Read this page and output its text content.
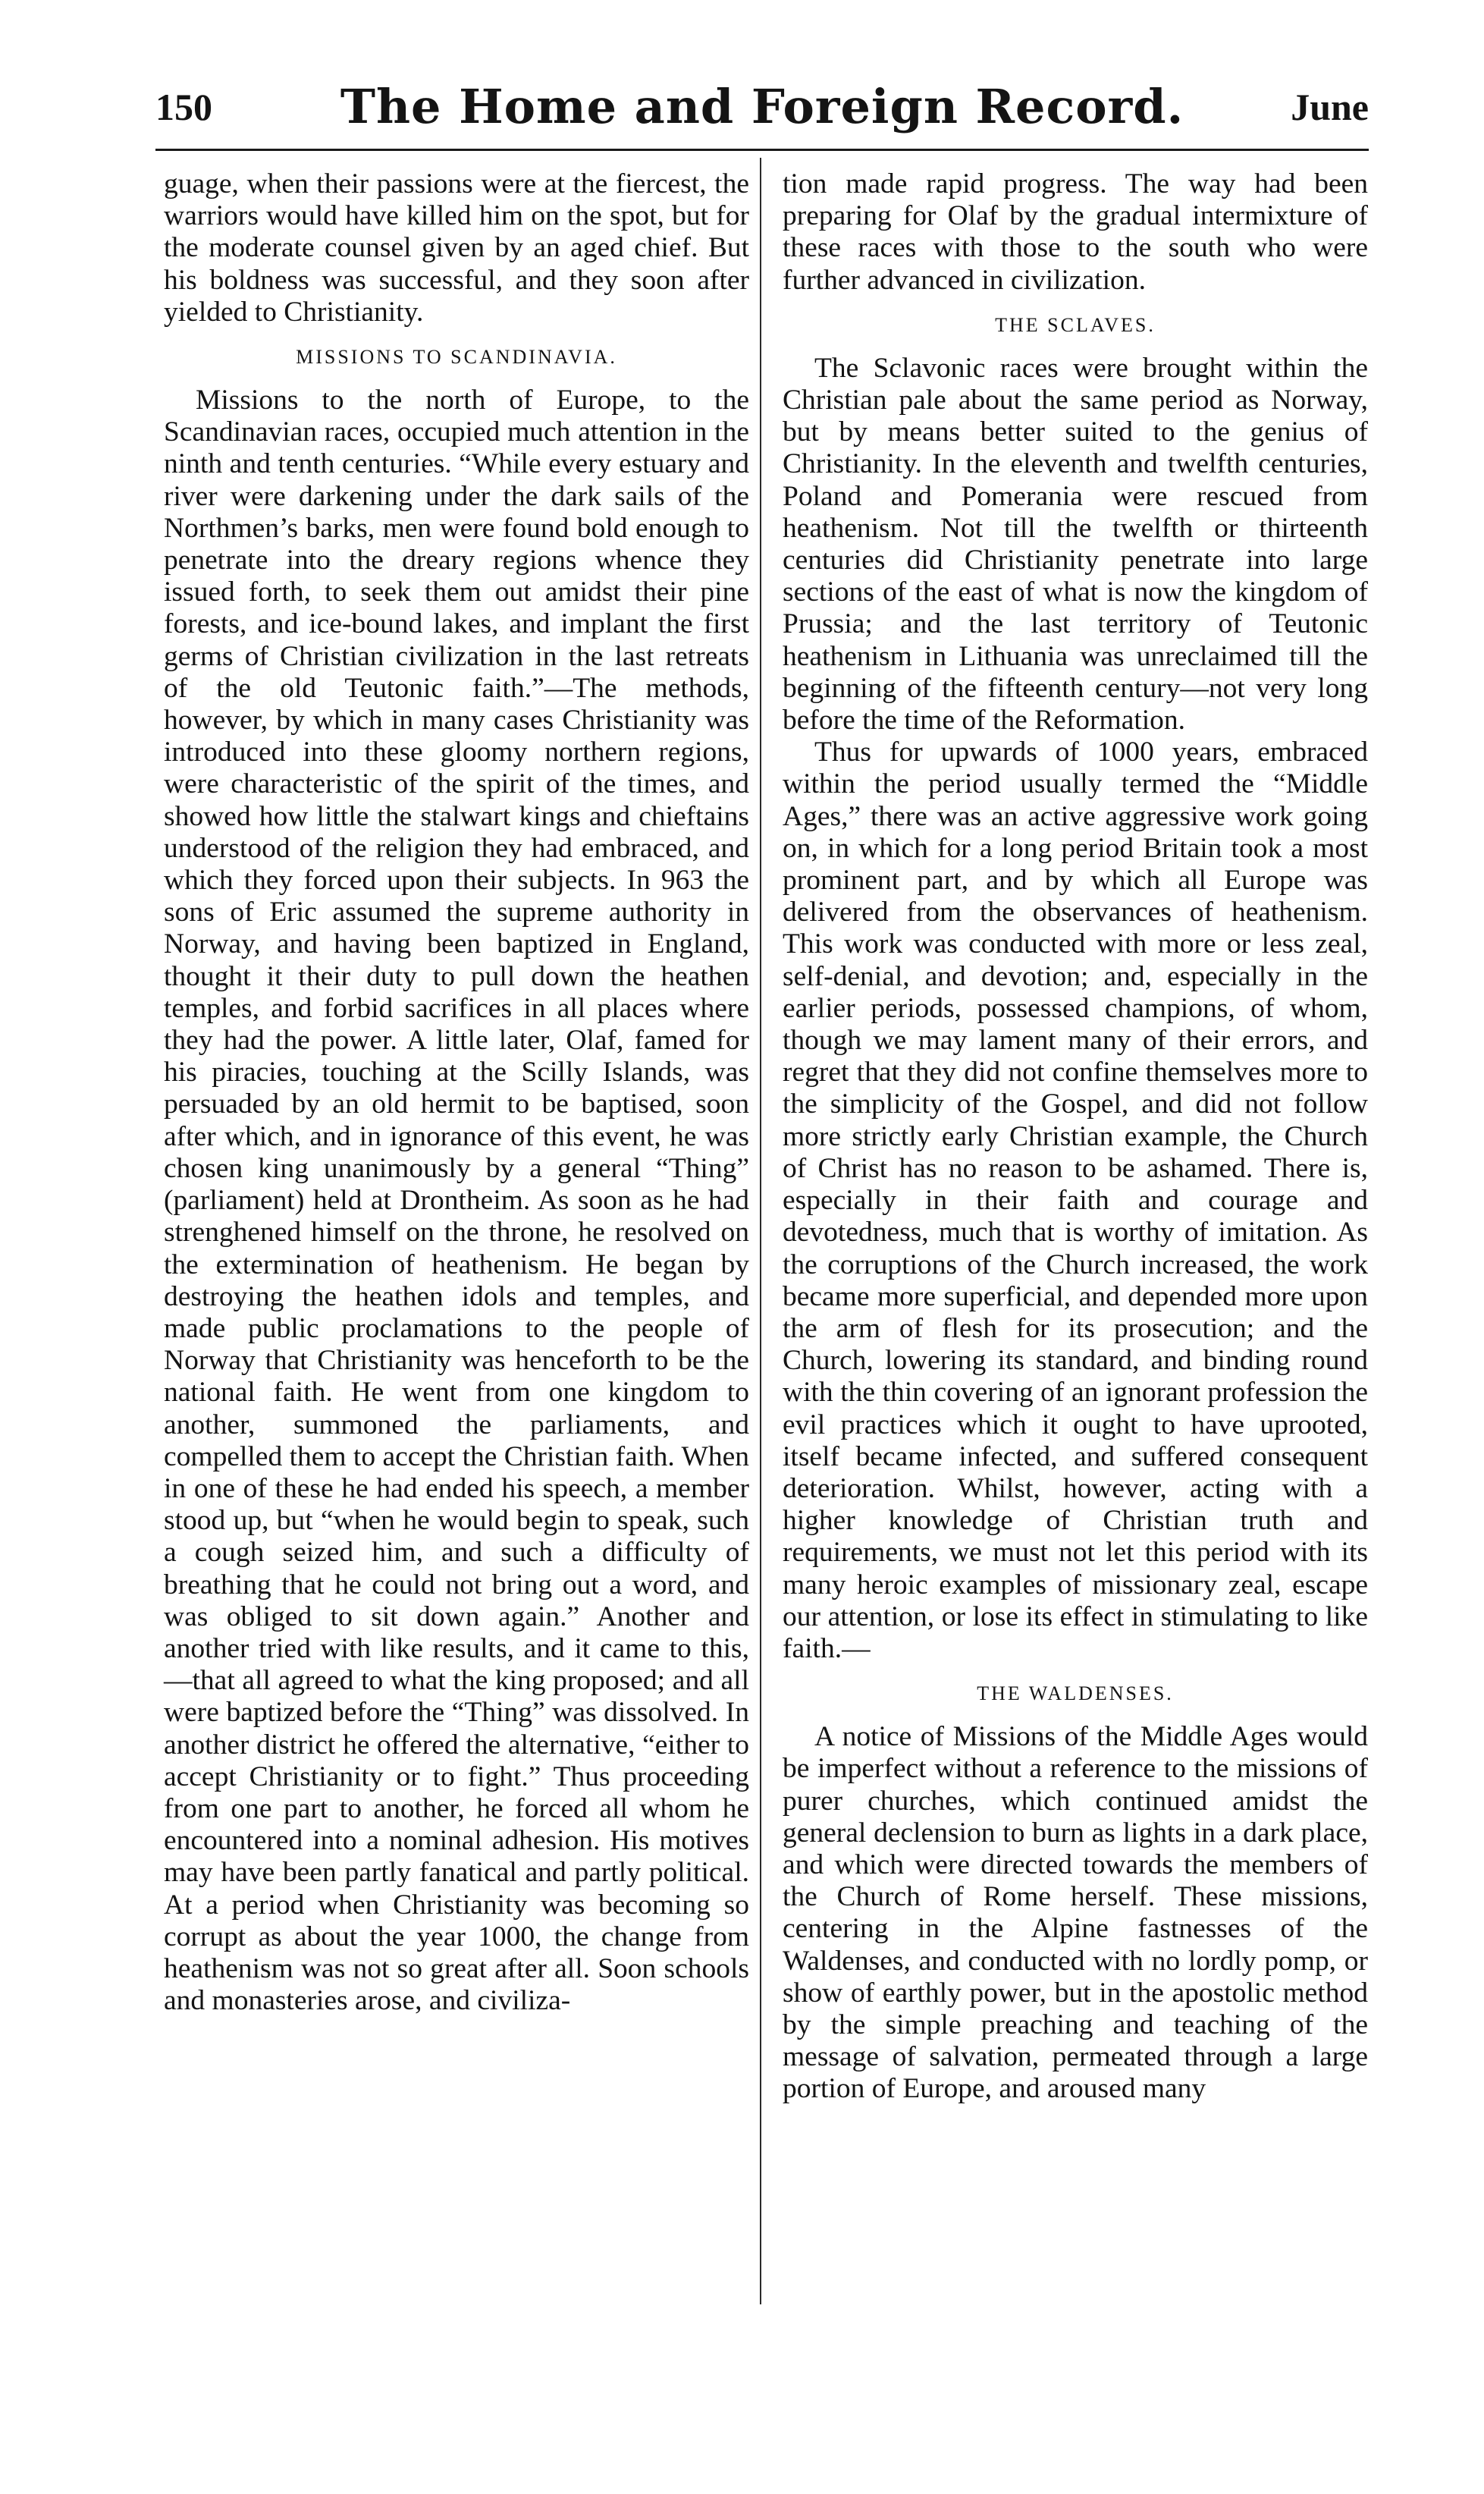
150	The Home and Foreign Record.	June

guage, when their passions were at the fiercest, the warriors would have killed him on the spot, but for the moderate counsel given by an aged chief. But his boldness was successful, and they soon after yielded to Christianity.

MISSIONS TO SCANDINAVIA.

Missions to the north of Europe, to the Scandinavian races, occupied much attention in the ninth and tenth centuries. “While every estuary and river were darkening under the dark sails of the Northmen’s barks, men were found bold enough to penetrate into the dreary regions whence they issued forth, to seek them out amidst their pine forests, and ice-bound lakes, and implant the first germs of Christian civilization in the last retreats of the old Teutonic faith.”—The methods, however, by which in many cases Christianity was introduced into these gloomy northern regions, were characteristic of the spirit of the times, and showed how little the stalwart kings and chieftains understood of the religion they had embraced, and which they forced upon their subjects. In 963 the sons of Eric assumed the supreme authority in Norway, and having been baptized in England, thought it their duty to pull down the heathen temples, and forbid sacrifices in all places where they had the power. A little later, Olaf, famed for his piracies, touching at the Scilly Islands, was persuaded by an old hermit to be baptised, soon after which, and in ignorance of this event, he was chosen king unanimously by a general “Thing” (parliament) held at Drontheim. As soon as he had strenghened himself on the throne, he resolved on the extermination of heathenism. He began by destroying the heathen idols and temples, and made public proclamations to the people of Norway that Christianity was henceforth to be the national faith. He went from one kingdom to another, summoned the parliaments, and compelled them to accept the Christian faith. When in one of these he had ended his speech, a member stood up, but “when he would begin to speak, such a cough seized him, and such a difficulty of breathing that he could not bring out a word, and was obliged to sit down again.” Another and another tried with like results, and it came to this,—that all agreed to what the king proposed; and all were baptized before the “Thing” was dissolved. In another district he offered the alternative, “either to accept Christianity or to fight.” Thus proceeding from one part to another, he forced all whom he encountered into a nominal adhesion. His motives may have been partly fanatical and partly political. At a period when Christianity was becoming so corrupt as about the year 1000, the change from heathenism was not so great after all. Soon schools and monasteries arose, and civiliza-

tion made rapid progress. The way had been preparing for Olaf by the gradual intermixture of these races with those to the south who were further advanced in civilization.

THE SCLAVES.

The Sclavonic races were brought within the Christian pale about the same period as Norway, but by means better suited to the genius of Christianity. In the eleventh and twelfth centuries, Poland and Pomerania were rescued from heathenism. Not till the twelfth or thirteenth centuries did Christianity penetrate into large sections of the east of what is now the kingdom of Prussia; and the last territory of Teutonic heathenism in Lithuania was unreclaimed till the beginning of the fifteenth century—not very long before the time of the Reformation.

Thus for upwards of 1000 years, embraced within the period usually termed the “Middle Ages,” there was an active aggressive work going on, in which for a long period Britain took a most prominent part, and by which all Europe was delivered from the observances of heathenism. This work was conducted with more or less zeal, self-denial, and devotion; and, especially in the earlier periods, possessed champions, of whom, though we may lament many of their errors, and regret that they did not confine themselves more to the simplicity of the Gospel, and did not follow more strictly early Christian example, the Church of Christ has no reason to be ashamed. There is, especially in their faith and courage and devotedness, much that is worthy of imitation. As the corruptions of the Church increased, the work became more superficial, and depended more upon the arm of flesh for its prosecution; and the Church, lowering its standard, and binding round with the thin covering of an ignorant profession the evil practices which it ought to have uprooted, itself became infected, and suffered consequent deterioration. Whilst, however, acting with a higher knowledge of Christian truth and requirements, we must not let this period with its many heroic examples of missionary zeal, escape our attention, or lose its effect in stimulating to like faith.—

THE WALDENSES.

A notice of Missions of the Middle Ages would be imperfect without a reference to the missions of purer churches, which continued amidst the general declension to burn as lights in a dark place, and which were directed towards the members of the Church of Rome herself. These missions, centering in the Alpine fastnesses of the Waldenses, and conducted with no lordly pomp, or show of earthly power, but in the apostolic method by the simple preaching and teaching of the message of salvation, permeated through a large portion of Europe, and aroused many
